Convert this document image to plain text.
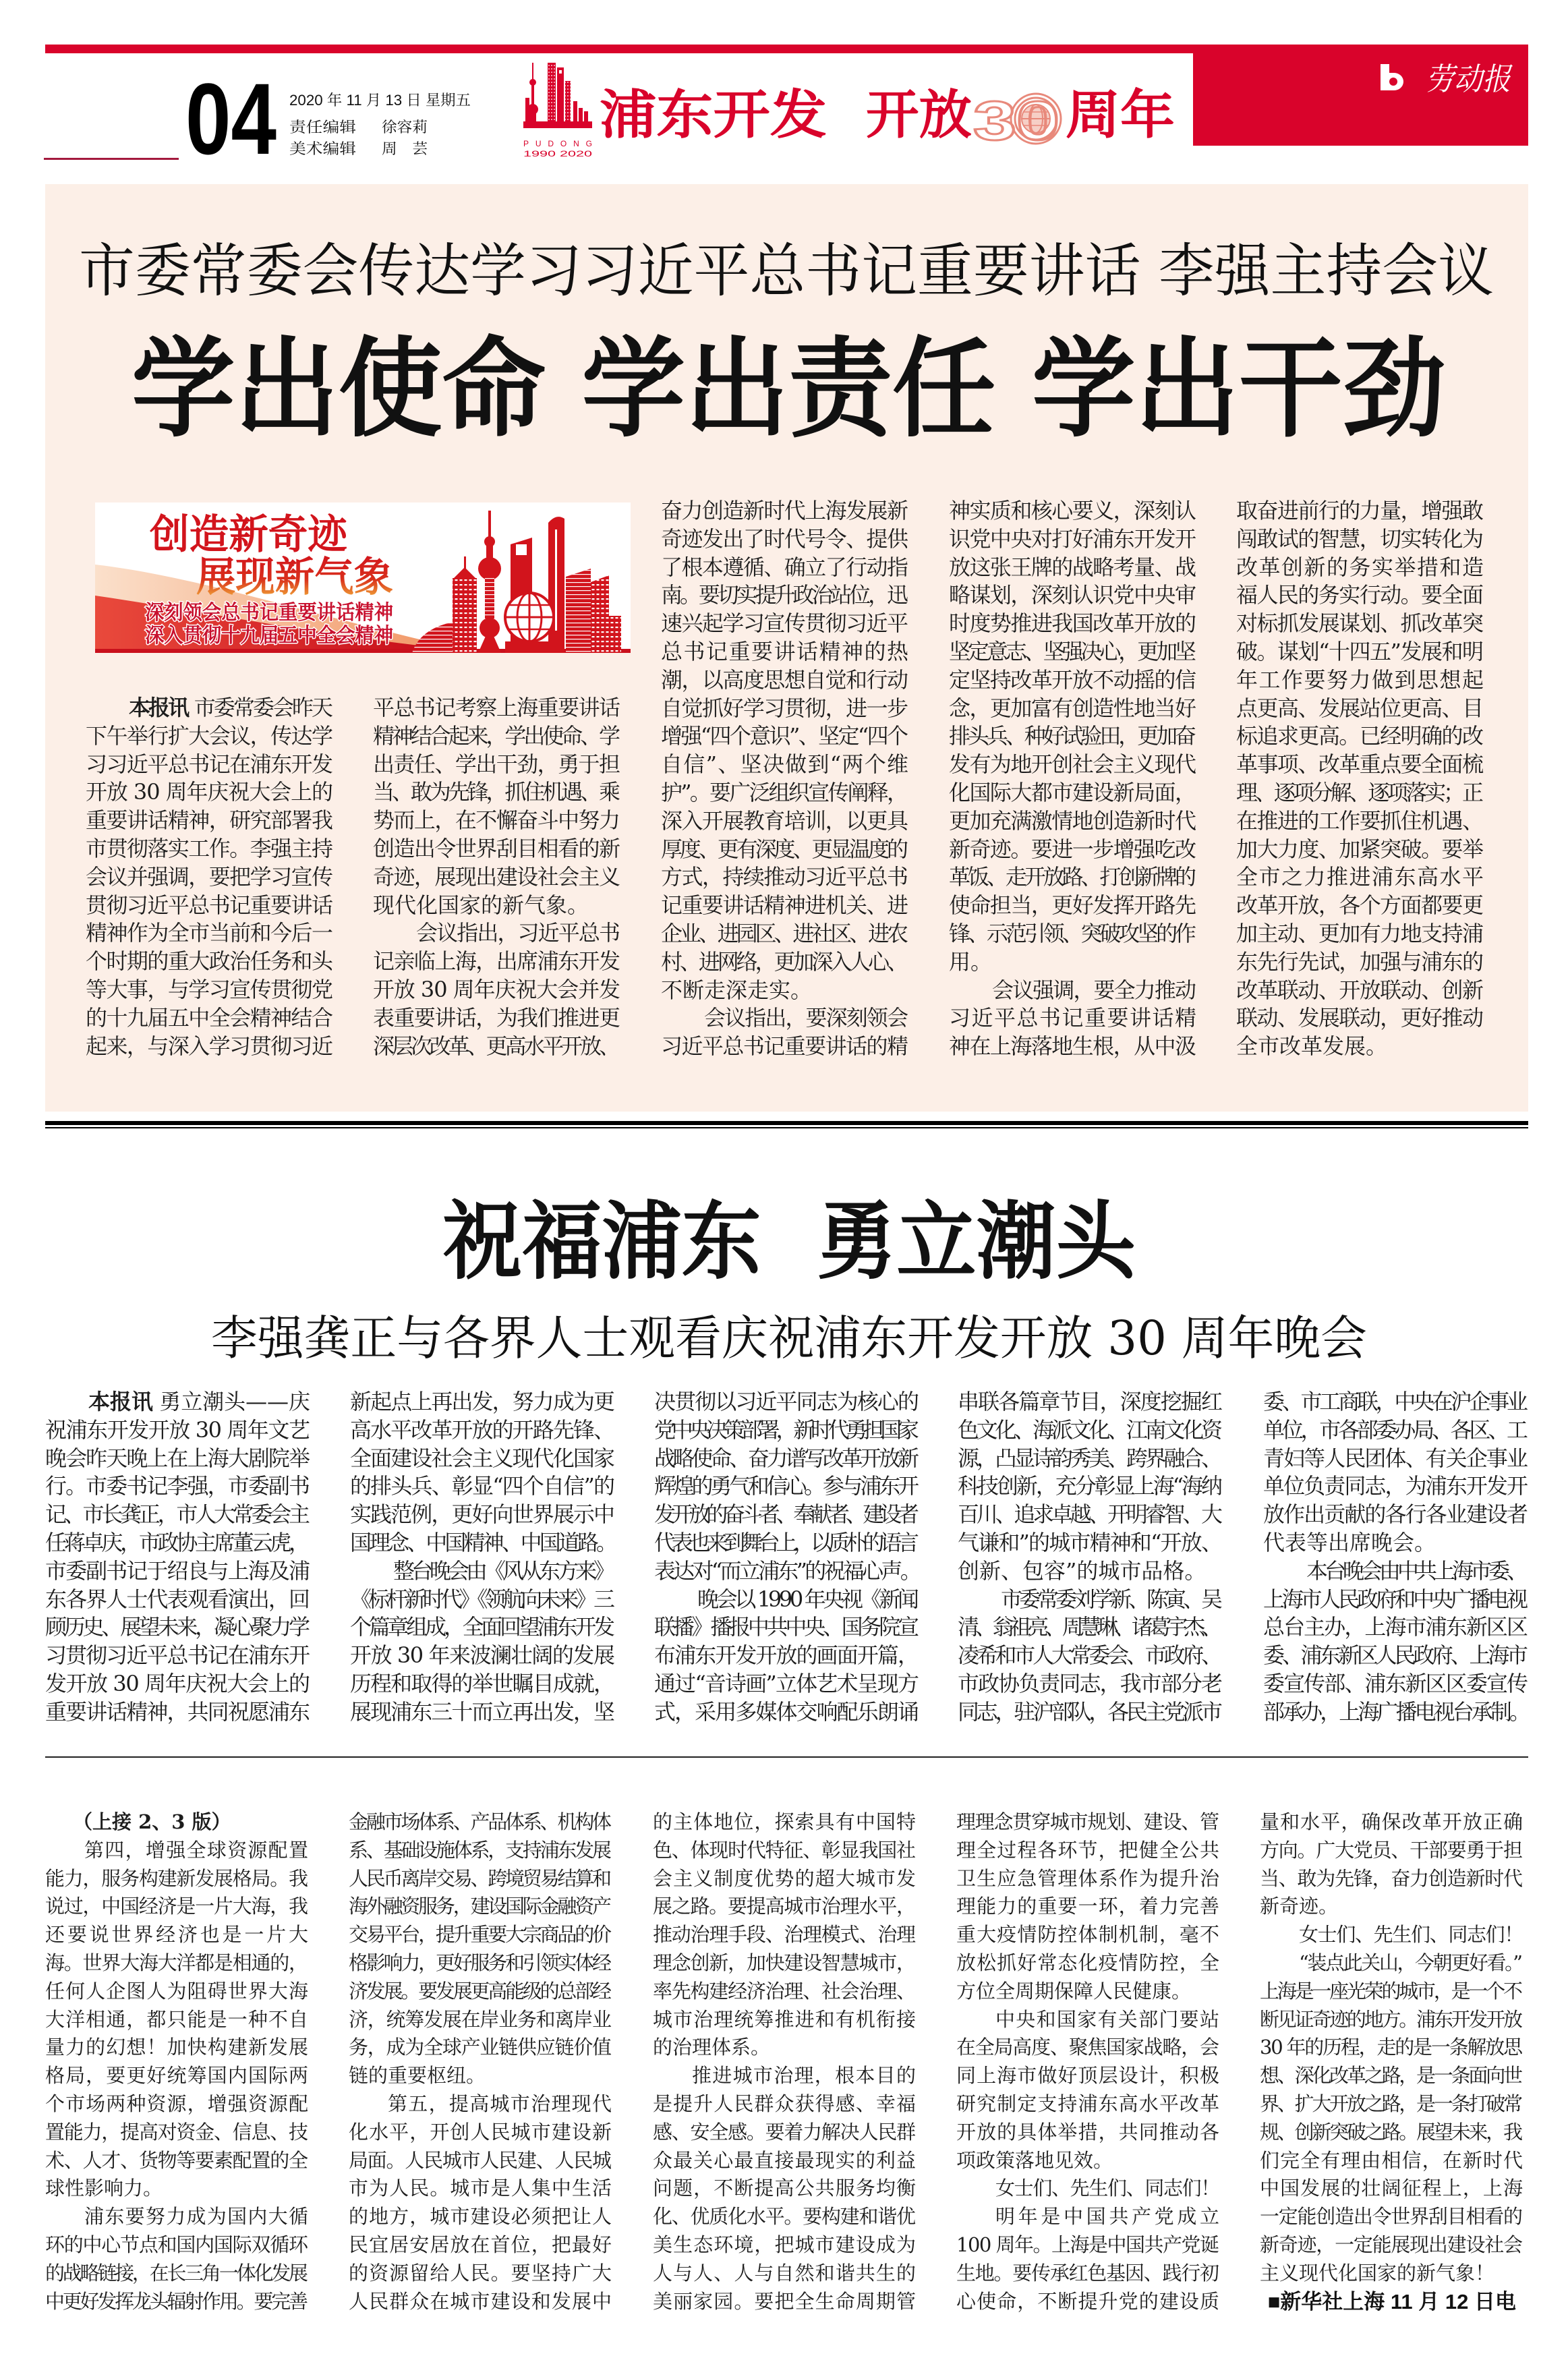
劳动报
04 2020 年 11 月 13 日 星期五
责任编辑 徐容莉
美术编辑 周　芸	PUDONG
1990 2020
浦东开发 开放 30 周年
市委常委会传达学习习近平总书记重要讲话 李强主持会议
学出使命 学出责任 学出干劲
创造新奇迹
展现新气象
深刻领会总书记重要讲话精神
深入贯彻十九届五中全会精神
祝福浦东  勇立潮头
李强龚正与各界人士观看庆祝浦东开发开放 30 周年晚会
本报讯 市委常委会昨天
下午举行扩大会议，传达学
习习近平总书记在浦东开发
开放 30 周年庆祝大会上的
重要讲话精神，研究部署我
市贯彻落实工作。李强主持
会议并强调，要把学习宣传
贯彻习近平总书记重要讲话
精神作为全市当前和今后一
个时期的重大政治任务和头
等大事，与学习宣传贯彻党
的十九届五中全会精神结合
起来，与深入学习贯彻习近
平总书记考察上海重要讲话
精神结合起来，学出使命、学
出责任、学出干劲，勇于担
当、敢为先锋，抓住机遇、乘
势而上，在不懈奋斗中努力
创造出令世界刮目相看的新
奇迹，展现出建设社会主义
现代化国家的新气象。
会议指出，习近平总书
记亲临上海，出席浦东开发
开放 30 周年庆祝大会并发
表重要讲话，为我们推进更
深层次改革、更高水平开放、
奋力创造新时代上海发展新
奇迹发出了时代号令、提供
了根本遵循、确立了行动指
南。要切实提升政治站位，迅
速兴起学习宣传贯彻习近平
总书记重要讲话精神的热
潮，以高度思想自觉和行动
自觉抓好学习贯彻，进一步
增强“四个意识”、坚定“四个
自信”、坚决做到“两个维
护”。要广泛组织宣传阐释，
深入开展教育培训，以更具
厚度、更有深度、更显温度的
方式，持续推动习近平总书
记重要讲话精神进机关、进
企业、进园区、进社区、进农
村、进网络，更加深入人心、
不断走深走实。
会议指出，要深刻领会
习近平总书记重要讲话的精
神实质和核心要义，深刻认
识党中央对打好浦东开发开
放这张王牌的战略考量、战
略谋划，深刻认识党中央审
时度势推进我国改革开放的
坚定意志、坚强决心，更加坚
定坚持改革开放不动摇的信
念，更加富有创造性地当好
排头兵、种好试验田，更加奋
发有为地开创社会主义现代
化国际大都市建设新局面，
更加充满激情地创造新时代
新奇迹。要进一步增强吃改
革饭、走开放路、打创新牌的
使命担当，更好发挥开路先
锋、示范引领、突破攻坚的作
用。
会议强调，要全力推动
习近平总书记重要讲话精
神在上海落地生根，从中汲
取奋进前行的力量，增强敢
闯敢试的智慧，切实转化为
改革创新的务实举措和造
福人民的务实行动。要全面
对标抓发展谋划、抓改革突
破。谋划“十四五”发展和明
年工作要努力做到思想起
点更高、发展站位更高、目
标追求更高。已经明确的改
革事项、改革重点要全面梳
理、逐项分解、逐项落实；正
在推进的工作要抓住机遇、
加大力度、加紧突破。要举
全市之力推进浦东高水平
改革开放，各个方面都要更
加主动、更加有力地支持浦
东先行先试，加强与浦东的
改革联动、开放联动、创新
联动、发展联动，更好推动
全市改革发展。
本报讯 勇立潮头——庆
祝浦东开发开放 30 周年文艺
晚会昨天晚上在上海大剧院举
行。市委书记李强，市委副书
记、市长龚正，市人大常委会主
任蒋卓庆，市政协主席董云虎，
市委副书记于绍良与上海及浦
东各界人士代表观看演出，回
顾历史、展望未来，凝心聚力学
习贯彻习近平总书记在浦东开
发开放 30 周年庆祝大会上的
重要讲话精神，共同祝愿浦东
新起点上再出发，努力成为更
高水平改革开放的开路先锋、
全面建设社会主义现代化国家
的排头兵、彰显“四个自信”的
实践范例，更好向世界展示中
国理念、中国精神、中国道路。
整台晚会由《风从东方来》
《标杆新时代》《领航向未来》三
个篇章组成，全面回望浦东开发
开放 30 年来波澜壮阔的发展
历程和取得的举世瞩目成就，
展现浦东三十而立再出发，坚
决贯彻以习近平同志为核心的
党中央决策部署，新时代勇担国家
战略使命、奋力谱写改革开放新
辉煌的勇气和信心。参与浦东开
发开放的奋斗者、奉献者、建设者
代表也来到舞台上，以质朴的语言
表达对“而立浦东”的祝福心声。
晚会以 1990 年央视《新闻
联播》播报中共中央、国务院宣
布浦东开发开放的画面开篇，
通过“音诗画”立体艺术呈现方
式，采用多媒体交响配乐朗诵
串联各篇章节目，深度挖掘红
色文化、海派文化、江南文化资
源，凸显诗韵秀美、跨界融合、
科技创新，充分彰显上海“海纳
百川、追求卓越、开明睿智、大
气谦和”的城市精神和“开放、
创新、包容”的城市品格。
市委常委刘学新、陈寅、吴
清、翁祖亮、周慧琳、诸葛宇杰、
凌希和市人大常委会、市政府、
市政协负责同志，我市部分老
同志，驻沪部队，各民主党派市
委、市工商联，中央在沪企事业
单位，市各部委办局、各区、工
青妇等人民团体、有关企事业
单位负责同志，为浦东开发开
放作出贡献的各行各业建设者
代表等出席晚会。
本台晚会由中共上海市委、
上海市人民政府和中央广播电视
总台主办，上海市浦东新区区
委、浦东新区人民政府、上海市
委宣传部、浦东新区区委宣传
部承办，上海广播电视台承制。
（上接 2、3 版）
第四，增强全球资源配置
能力，服务构建新发展格局。我
说过，中国经济是一片大海，我
还要说世界经济也是一片大
海。世界大海大洋都是相通的，
任何人企图人为阻碍世界大海
大洋相通，都只能是一种不自
量力的幻想！加快构建新发展
格局，要更好统筹国内国际两
个市场两种资源，增强资源配
置能力，提高对资金、信息、技
术、人才、货物等要素配置的全
球性影响力。
浦东要努力成为国内大循
环的中心节点和国内国际双循环
的战略链接，在长三角一体化发展
中更好发挥龙头辐射作用。要完善
金融市场体系、产品体系、机构体
系、基础设施体系，支持浦东发展
人民币离岸交易、跨境贸易结算和
海外融资服务，建设国际金融资产
交易平台，提升重要大宗商品的价
格影响力，更好服务和引领实体经
济发展。要发展更高能级的总部经
济，统筹发展在岸业务和离岸业
务，成为全球产业链供应链价值
链的重要枢纽。
第五，提高城市治理现代
化水平，开创人民城市建设新
局面。人民城市人民建、人民城
市为人民。城市是人集中生活
的地方，城市建设必须把让人
民宜居安居放在首位，把最好
的资源留给人民。要坚持广大
人民群众在城市建设和发展中
的主体地位，探索具有中国特
色、体现时代特征、彰显我国社
会主义制度优势的超大城市发
展之路。要提高城市治理水平，
推动治理手段、治理模式、治理
理念创新，加快建设智慧城市，
率先构建经济治理、社会治理、
城市治理统筹推进和有机衔接
的治理体系。
推进城市治理，根本目的
是提升人民群众获得感、幸福
感、安全感。要着力解决人民群
众最关心最直接最现实的利益
问题，不断提高公共服务均衡
化、优质化水平。要构建和谐优
美生态环境，把城市建设成为
人与人、人与自然和谐共生的
美丽家园。要把全生命周期管
理理念贯穿城市规划、建设、管
理全过程各环节，把健全公共
卫生应急管理体系作为提升治
理能力的重要一环，着力完善
重大疫情防控体制机制，毫不
放松抓好常态化疫情防控，全
方位全周期保障人民健康。
中央和国家有关部门要站
在全局高度、聚焦国家战略，会
同上海市做好顶层设计，积极
研究制定支持浦东高水平改革
开放的具体举措，共同推动各
项政策落地见效。
女士们、先生们、同志们！
明年是中国共产党成立
100 周年。上海是中国共产党诞
生地。要传承红色基因、践行初
心使命，不断提升党的建设质
量和水平，确保改革开放正确
方向。广大党员、干部要勇于担
当、敢为先锋，奋力创造新时代
新奇迹。
女士们、先生们、同志们！
“装点此关山，今朝更好看。”
上海是一座光荣的城市，是一个不
断见证奇迹的地方。浦东开发开放
30 年的历程，走的是一条解放思
想、深化改革之路，是一条面向世
界、扩大开放之路，是一条打破常
规、创新突破之路。展望未来，我
们完全有理由相信，在新时代
中国发展的壮阔征程上，上海
一定能创造出令世界刮目相看的
新奇迹，一定能展现出建设社会
主义现代化国家的新气象！
■新华社上海 11 月 12 日电
